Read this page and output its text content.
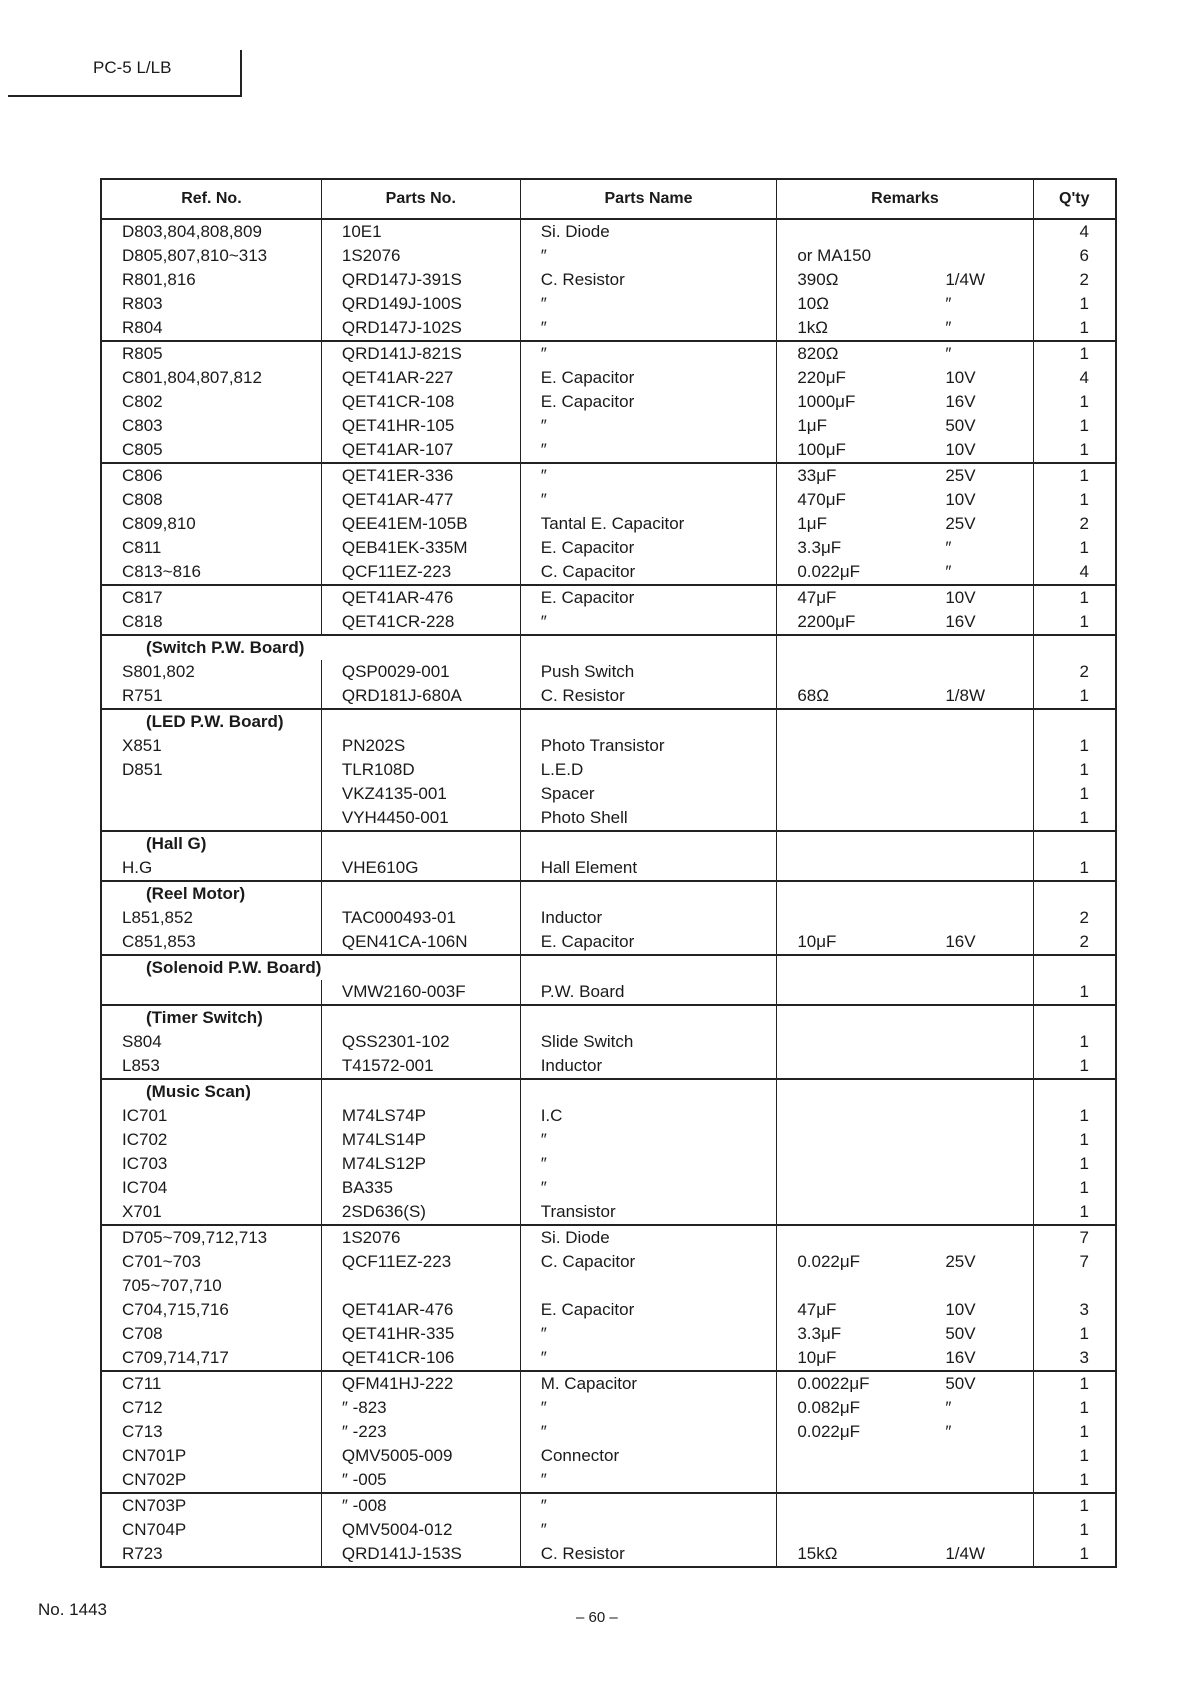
PC-5 L/LB
Ref. No.	Parts No.	Parts Name	Remarks	Q'ty
D803,804,808,809	10E1	Si. Diode		4
D805,807,810~313	1S2076	″	or MA150	6
R801,816	QRD147J-391S	C. Resistor	390Ω 1/4W	2
R803	QRD149J-100S	″	10Ω ″	1
R804	QRD147J-102S	″	1kΩ ″	1
R805	QRD141J-821S	″	820Ω ″	1
C801,804,807,812	QET41AR-227	E. Capacitor	220μF 10V	4
C802	QET41CR-108	E. Capacitor	1000μF 16V	1
C803	QET41HR-105	″	1μF 50V	1
C805	QET41AR-107	″	100μF 10V	1
C806	QET41ER-336	″	33μF 25V	1
C808	QET41AR-477	″	470μF 10V	1
C809,810	QEE41EM-105B	Tantal E. Capacitor	1μF 25V	2
C811	QEB41EK-335M	E. Capacitor	3.3μF ″	1
C813~816	QCF11EZ-223	C. Capacitor	0.022μF ″	4
C817	QET41AR-476	E. Capacitor	47μF 10V	1
C818	QET41CR-228	″	2200μF 16V	1
(Switch P.W. Board)				
S801,802	QSP0029-001	Push Switch		2
R751	QRD181J-680A	C. Resistor	68Ω 1/8W	1
(LED P.W. Board)				
X851	PN202S	Photo Transistor		1
D851	TLR108D	L.E.D		1
	VKZ4135-001	Spacer		1
	VYH4450-001	Photo Shell		1
(Hall G)				
H.G	VHE610G	Hall Element		1
(Reel Motor)				
L851,852	TAC000493-01	Inductor		2
C851,853	QEN41CA-106N	E. Capacitor	10μF 16V	2
(Solenoid P.W. Board)				
	VMW2160-003F	P.W. Board		1
(Timer Switch)				
S804	QSS2301-102	Slide Switch		1
L853	T41572-001	Inductor		1
(Music Scan)				
IC701	M74LS74P	I.C		1
IC702	M74LS14P	″		1
IC703	M74LS12P	″		1
IC704	BA335	″		1
X701	2SD636(S)	Transistor		1
D705~709,712,713	1S2076	Si. Diode		7
C701~703	QCF11EZ-223	C. Capacitor	0.022μF 25V	7
705~707,710				
C704,715,716	QET41AR-476	E. Capacitor	47μF 10V	3
C708	QET41HR-335	″	3.3μF 50V	1
C709,714,717	QET41CR-106	″	10μF 16V	3
C711	QFM41HJ-222	M. Capacitor	0.0022μF 50V	1
C712	″ -823	″	0.082μF ″	1
C713	″ -223	″	0.022μF ″	1
CN701P	QMV5005-009	Connector		1
CN702P	″ -005	″		1
CN703P	″ -008	″		1
CN704P	QMV5004-012	″		1
R723	QRD141J-153S	C. Resistor	15kΩ 1/4W	1
No. 1443	– 60 –
